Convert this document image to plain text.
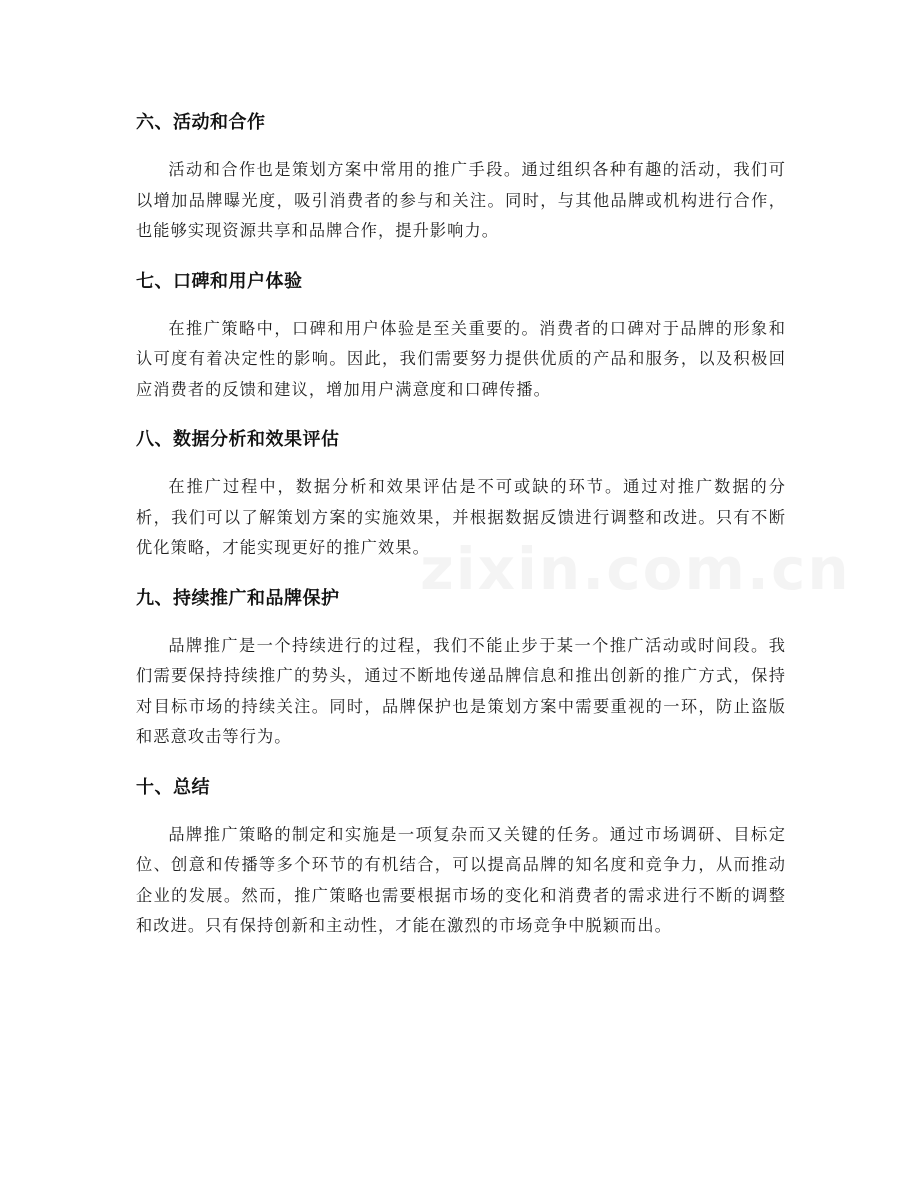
六、活动和合作

活动和合作也是策划方案中常用的推广手段。通过组织各种有趣的活动，我们可以增加品牌曝光度，吸引消费者的参与和关注。同时，与其他品牌或机构进行合作，也能够实现资源共享和品牌合作，提升影响力。

七、口碑和用户体验

在推广策略中，口碑和用户体验是至关重要的。消费者的口碑对于品牌的形象和认可度有着决定性的影响。因此，我们需要努力提供优质的产品和服务，以及积极回应消费者的反馈和建议，增加用户满意度和口碑传播。

八、数据分析和效果评估

在推广过程中，数据分析和效果评估是不可或缺的环节。通过对推广数据的分析，我们可以了解策划方案的实施效果，并根据数据反馈进行调整和改进。只有不断优化策略，才能实现更好的推广效果。

九、持续推广和品牌保护

品牌推广是一个持续进行的过程，我们不能止步于某一个推广活动或时间段。我们需要保持持续推广的势头，通过不断地传递品牌信息和推出创新的推广方式，保持对目标市场的持续关注。同时，品牌保护也是策划方案中需要重视的一环，防止盗版和恶意攻击等行为。

十、总结

品牌推广策略的制定和实施是一项复杂而又关键的任务。通过市场调研、目标定位、创意和传播等多个环节的有机结合，可以提高品牌的知名度和竞争力，从而推动企业的发展。然而，推广策略也需要根据市场的变化和消费者的需求进行不断的调整和改进。只有保持创新和主动性，才能在激烈的市场竞争中脱颖而出。
